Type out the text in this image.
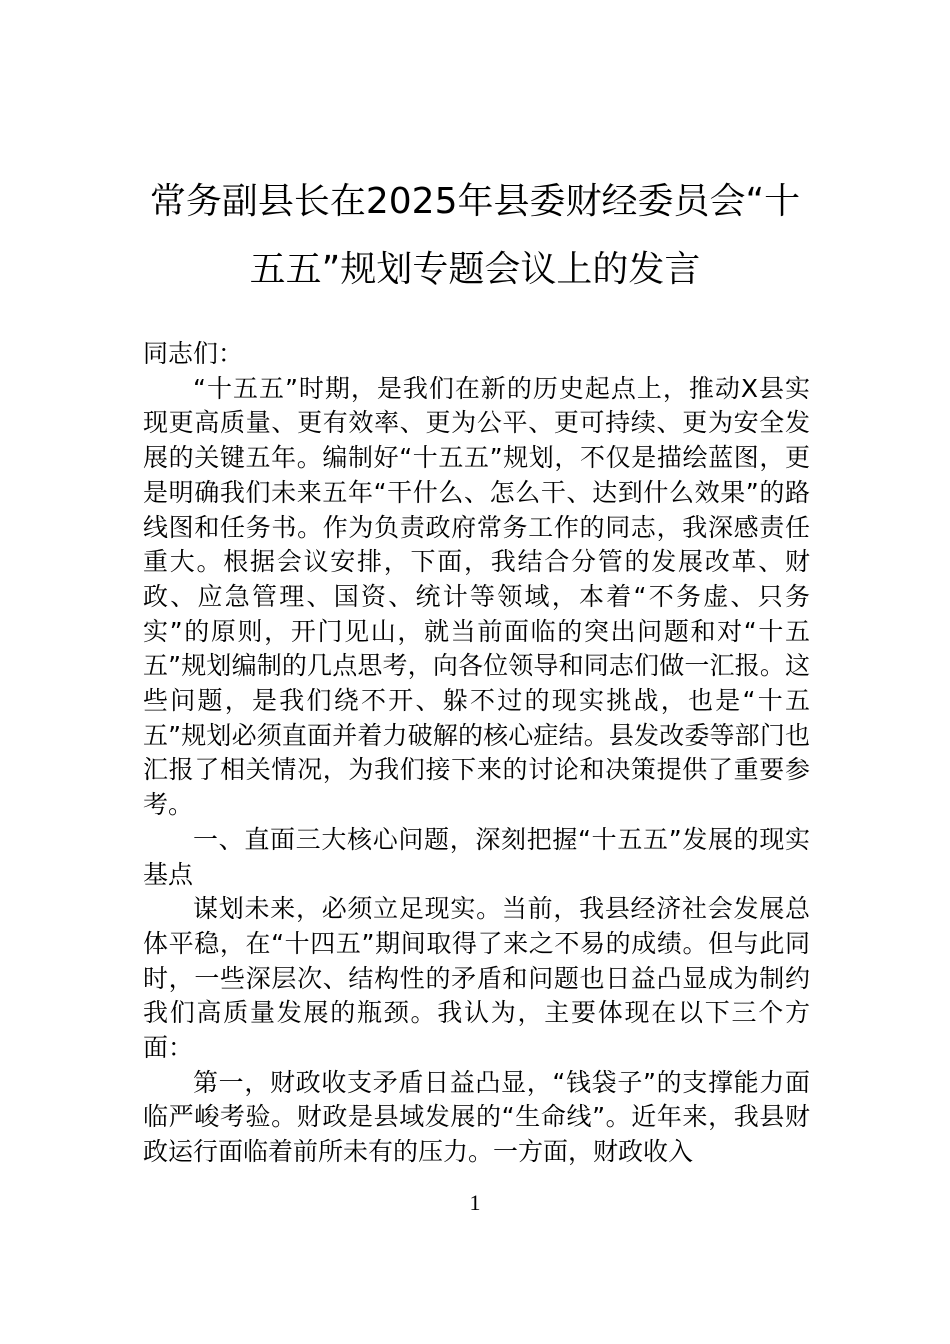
常务副县长在2025年县委财经委员会“十五五”规划专题会议上的发言

同志们：

“十五五”时期，是我们在新的历史起点上，推动X县实现更高质量、更有效率、更为公平、更可持续、更为安全发展的关键五年。编制好“十五五”规划，不仅是描绘蓝图，更是明确我们未来五年“干什么、怎么干、达到什么效果”的路线图和任务书。作为负责政府常务工作的同志，我深感责任重大。根据会议安排，下面，我结合分管的发展改革、财政、应急管理、国资、统计等领域，本着“不务虚、只务实”的原则，开门见山，就当前面临的突出问题和对“十五五”规划编制的几点思考，向各位领导和同志们做一汇报。这些问题，是我们绕不开、躲不过的现实挑战，也是“十五五”规划必须直面并着力破解的核心症结。县发改委等部门也汇报了相关情况，为我们接下来的讨论和决策提供了重要参考。

一、直面三大核心问题，深刻把握“十五五”发展的现实基点

谋划未来，必须立足现实。当前，我县经济社会发展总体平稳，在“十四五”期间取得了来之不易的成绩。但与此同时，一些深层次、结构性的矛盾和问题也日益凸显成为制约我们高质量发展的瓶颈。我认为，主要体现在以下三个方面：

第一，财政收支矛盾日益凸显，“钱袋子”的支撑能力面临严峻考验。财政是县域发展的“生命线”。近年来，我县财政运行面临着前所未有的压力。一方面，财政收入

1
